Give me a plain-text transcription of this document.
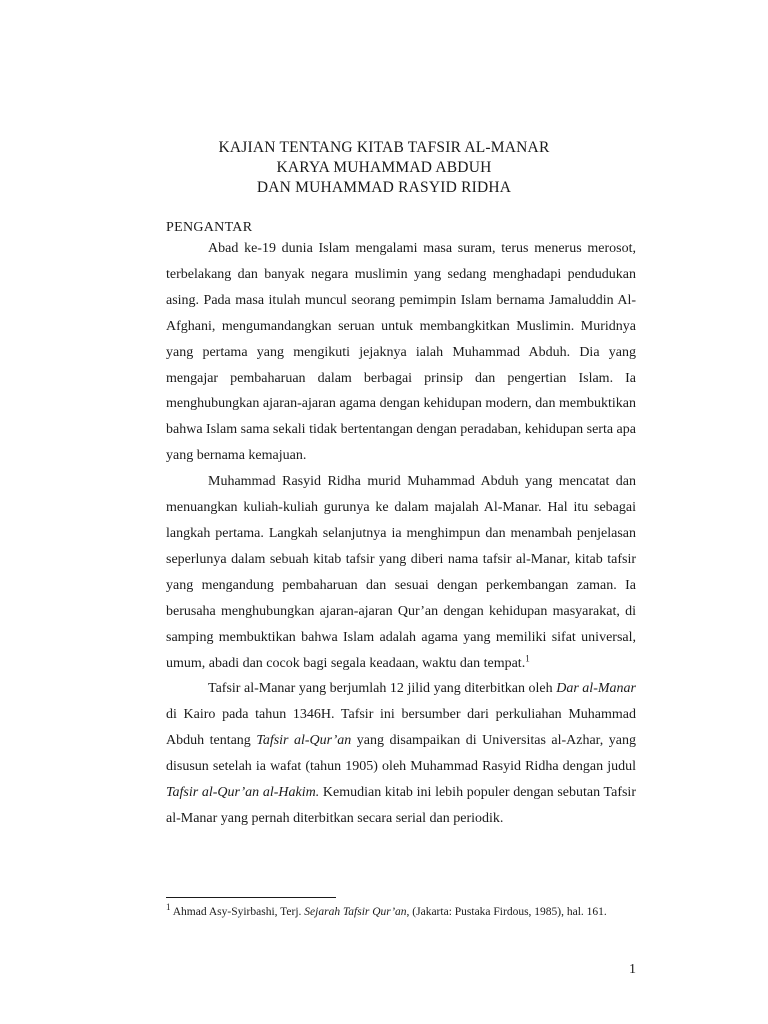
KAJIAN TENTANG KITAB TAFSIR AL-MANAR
KARYA MUHAMMAD ABDUH
DAN MUHAMMAD RASYID RIDHA
PENGANTAR

Abad ke-19 dunia Islam mengalami masa suram, terus menerus merosot, terbelakang dan banyak negara muslimin yang sedang menghadapi pendudukan asing. Pada masa itulah muncul seorang pemimpin Islam bernama Jamaluddin Al-Afghani, mengumandangkan seruan untuk membangkitkan Muslimin. Muridnya yang pertama yang mengikuti jejaknya ialah Muhammad Abduh. Dia yang mengajar pembaharuan dalam berbagai prinsip dan pengertian Islam. Ia menghubungkan ajaran-ajaran agama dengan kehidupan modern, dan membuktikan bahwa Islam sama sekali tidak bertentangan dengan peradaban, kehidupan serta apa yang bernama kemajuan.

Muhammad Rasyid Ridha murid Muhammad Abduh yang mencatat dan menuangkan kuliah-kuliah gurunya ke dalam majalah Al-Manar. Hal itu sebagai langkah pertama. Langkah selanjutnya ia menghimpun dan menambah penjelasan seperlunya dalam sebuah kitab tafsir yang diberi nama tafsir al-Manar, kitab tafsir yang mengandung pembaharuan dan sesuai dengan perkembangan zaman. Ia berusaha menghubungkan ajaran-ajaran Qur’an dengan kehidupan masyarakat, di samping membuktikan bahwa Islam adalah agama yang memiliki sifat universal, umum, abadi dan cocok bagi segala keadaan, waktu dan tempat.$^1$

Tafsir al-Manar yang berjumlah 12 jilid yang diterbitkan oleh Dar al-Manar di Kairo pada tahun 1346H. Tafsir ini bersumber dari perkuliahan Muhammad Abduh tentang Tafsir al-Qur’an yang disampaikan di Universitas al-Azhar, yang disusun setelah ia wafat (tahun 1905) oleh Muhammad Rasyid Ridha dengan judul Tafsir al-Qur’an al-Hakim. Kemudian kitab ini lebih populer dengan sebutan Tafsir al-Manar yang pernah diterbitkan secara serial dan periodik.

$^1$ Ahmad Asy-Syirbashi, Terj. Sejarah Tafsir Qur’an, (Jakarta: Pustaka Firdous, 1985), hal. 161.
1
